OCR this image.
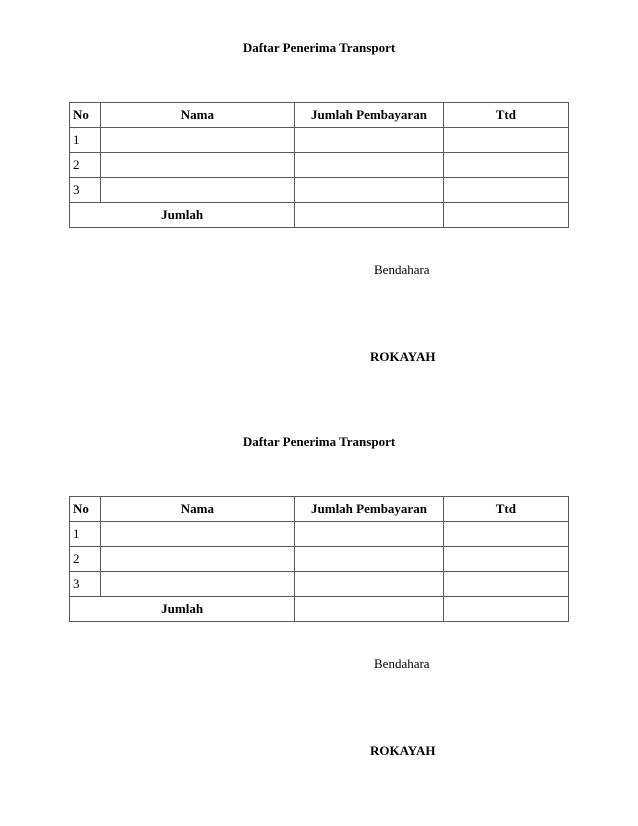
Daftar Penerima Transport
No	Nama	Jumlah Pembayaran	Ttd
1			
2			
3			
Jumlah			
Bendahara
ROKAYAH
Daftar Penerima Transport
No	Nama	Jumlah Pembayaran	Ttd
1			
2			
3			
Jumlah			
Bendahara
ROKAYAH
